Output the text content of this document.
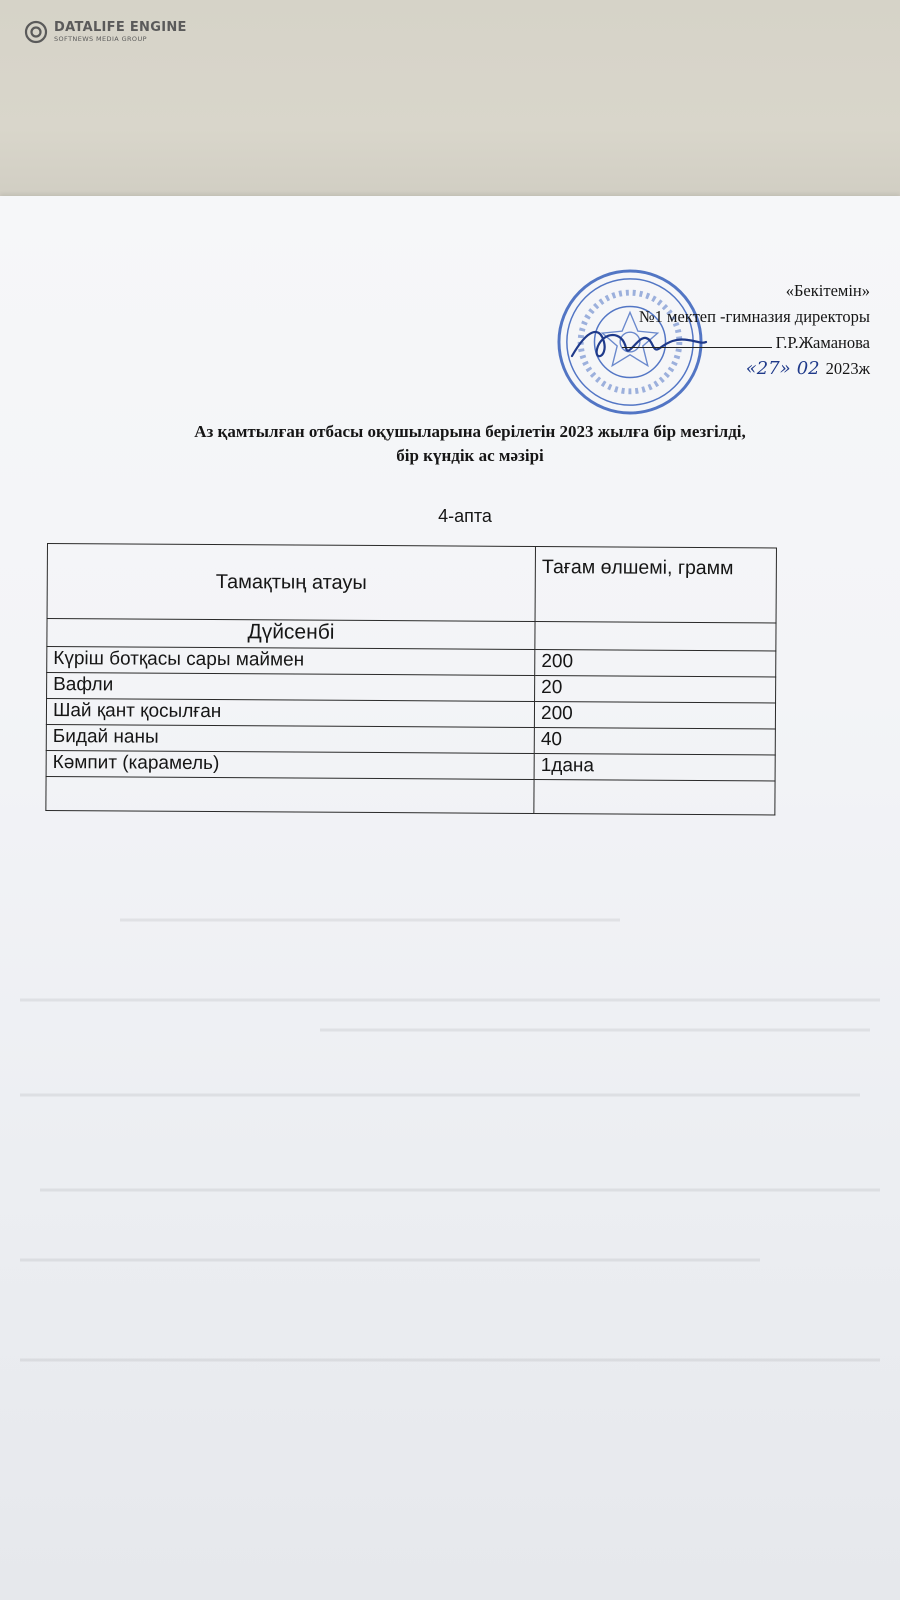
DATALIFE ENGINE
SOFTNEWS MEDIA GROUP
«Бекітемін»
№1 мектеп -гимназия директоры
Г.Р.Жаманова
«27» 02 2023ж
Аз қамтылған отбасы оқушыларына берілетін 2023 жылға бір мезгілді,
бір күндік ас мәзірі
4-апта
Тамақтың атауы	Тағам өлшемі, грамм
Дүйсенбі	
Күріш ботқасы сары маймен	200
Вафли	20
Шай қант қосылған	200
Бидай наны	40
Кәмпит (карамель)	1дана
